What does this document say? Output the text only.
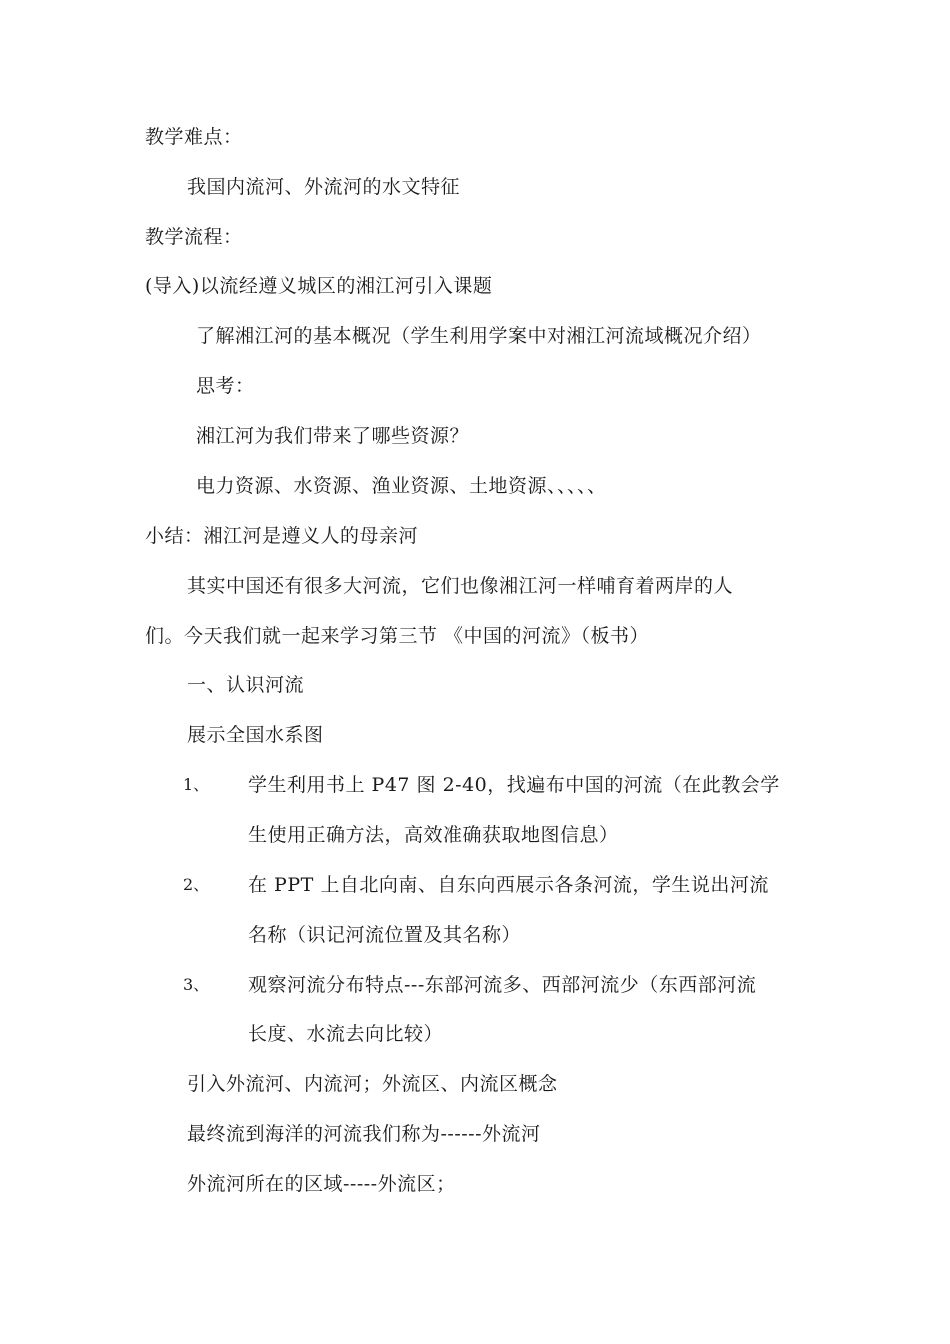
教学难点：
我国内流河、外流河的水文特征
教学流程：
(导入)以流经遵义城区的湘江河引入课题
了解湘江河的基本概况（学生利用学案中对湘江河流域概况介绍）
思考：
湘江河为我们带来了哪些资源？
电力资源、水资源、渔业资源、土地资源、、、、、
小结：湘江河是遵义人的母亲河
其实中国还有很多大河流，它们也像湘江河一样哺育着两岸的人
们。今天我们就一起来学习第三节 《中国的河流》（板书）
一、认识河流
展示全国水系图
1、 学生利用书上 P47 图 2-40，找遍布中国的河流（在此教会学
生使用正确方法，高效准确获取地图信息）
2、 在 PPT 上自北向南、自东向西展示各条河流，学生说出河流
名称（识记河流位置及其名称）
3、 观察河流分布特点---东部河流多、西部河流少（东西部河流
长度、水流去向比较）
引入外流河、内流河；外流区、内流区概念
最终流到海洋的河流我们称为------外流河
外流河所在的区域-----外流区；
